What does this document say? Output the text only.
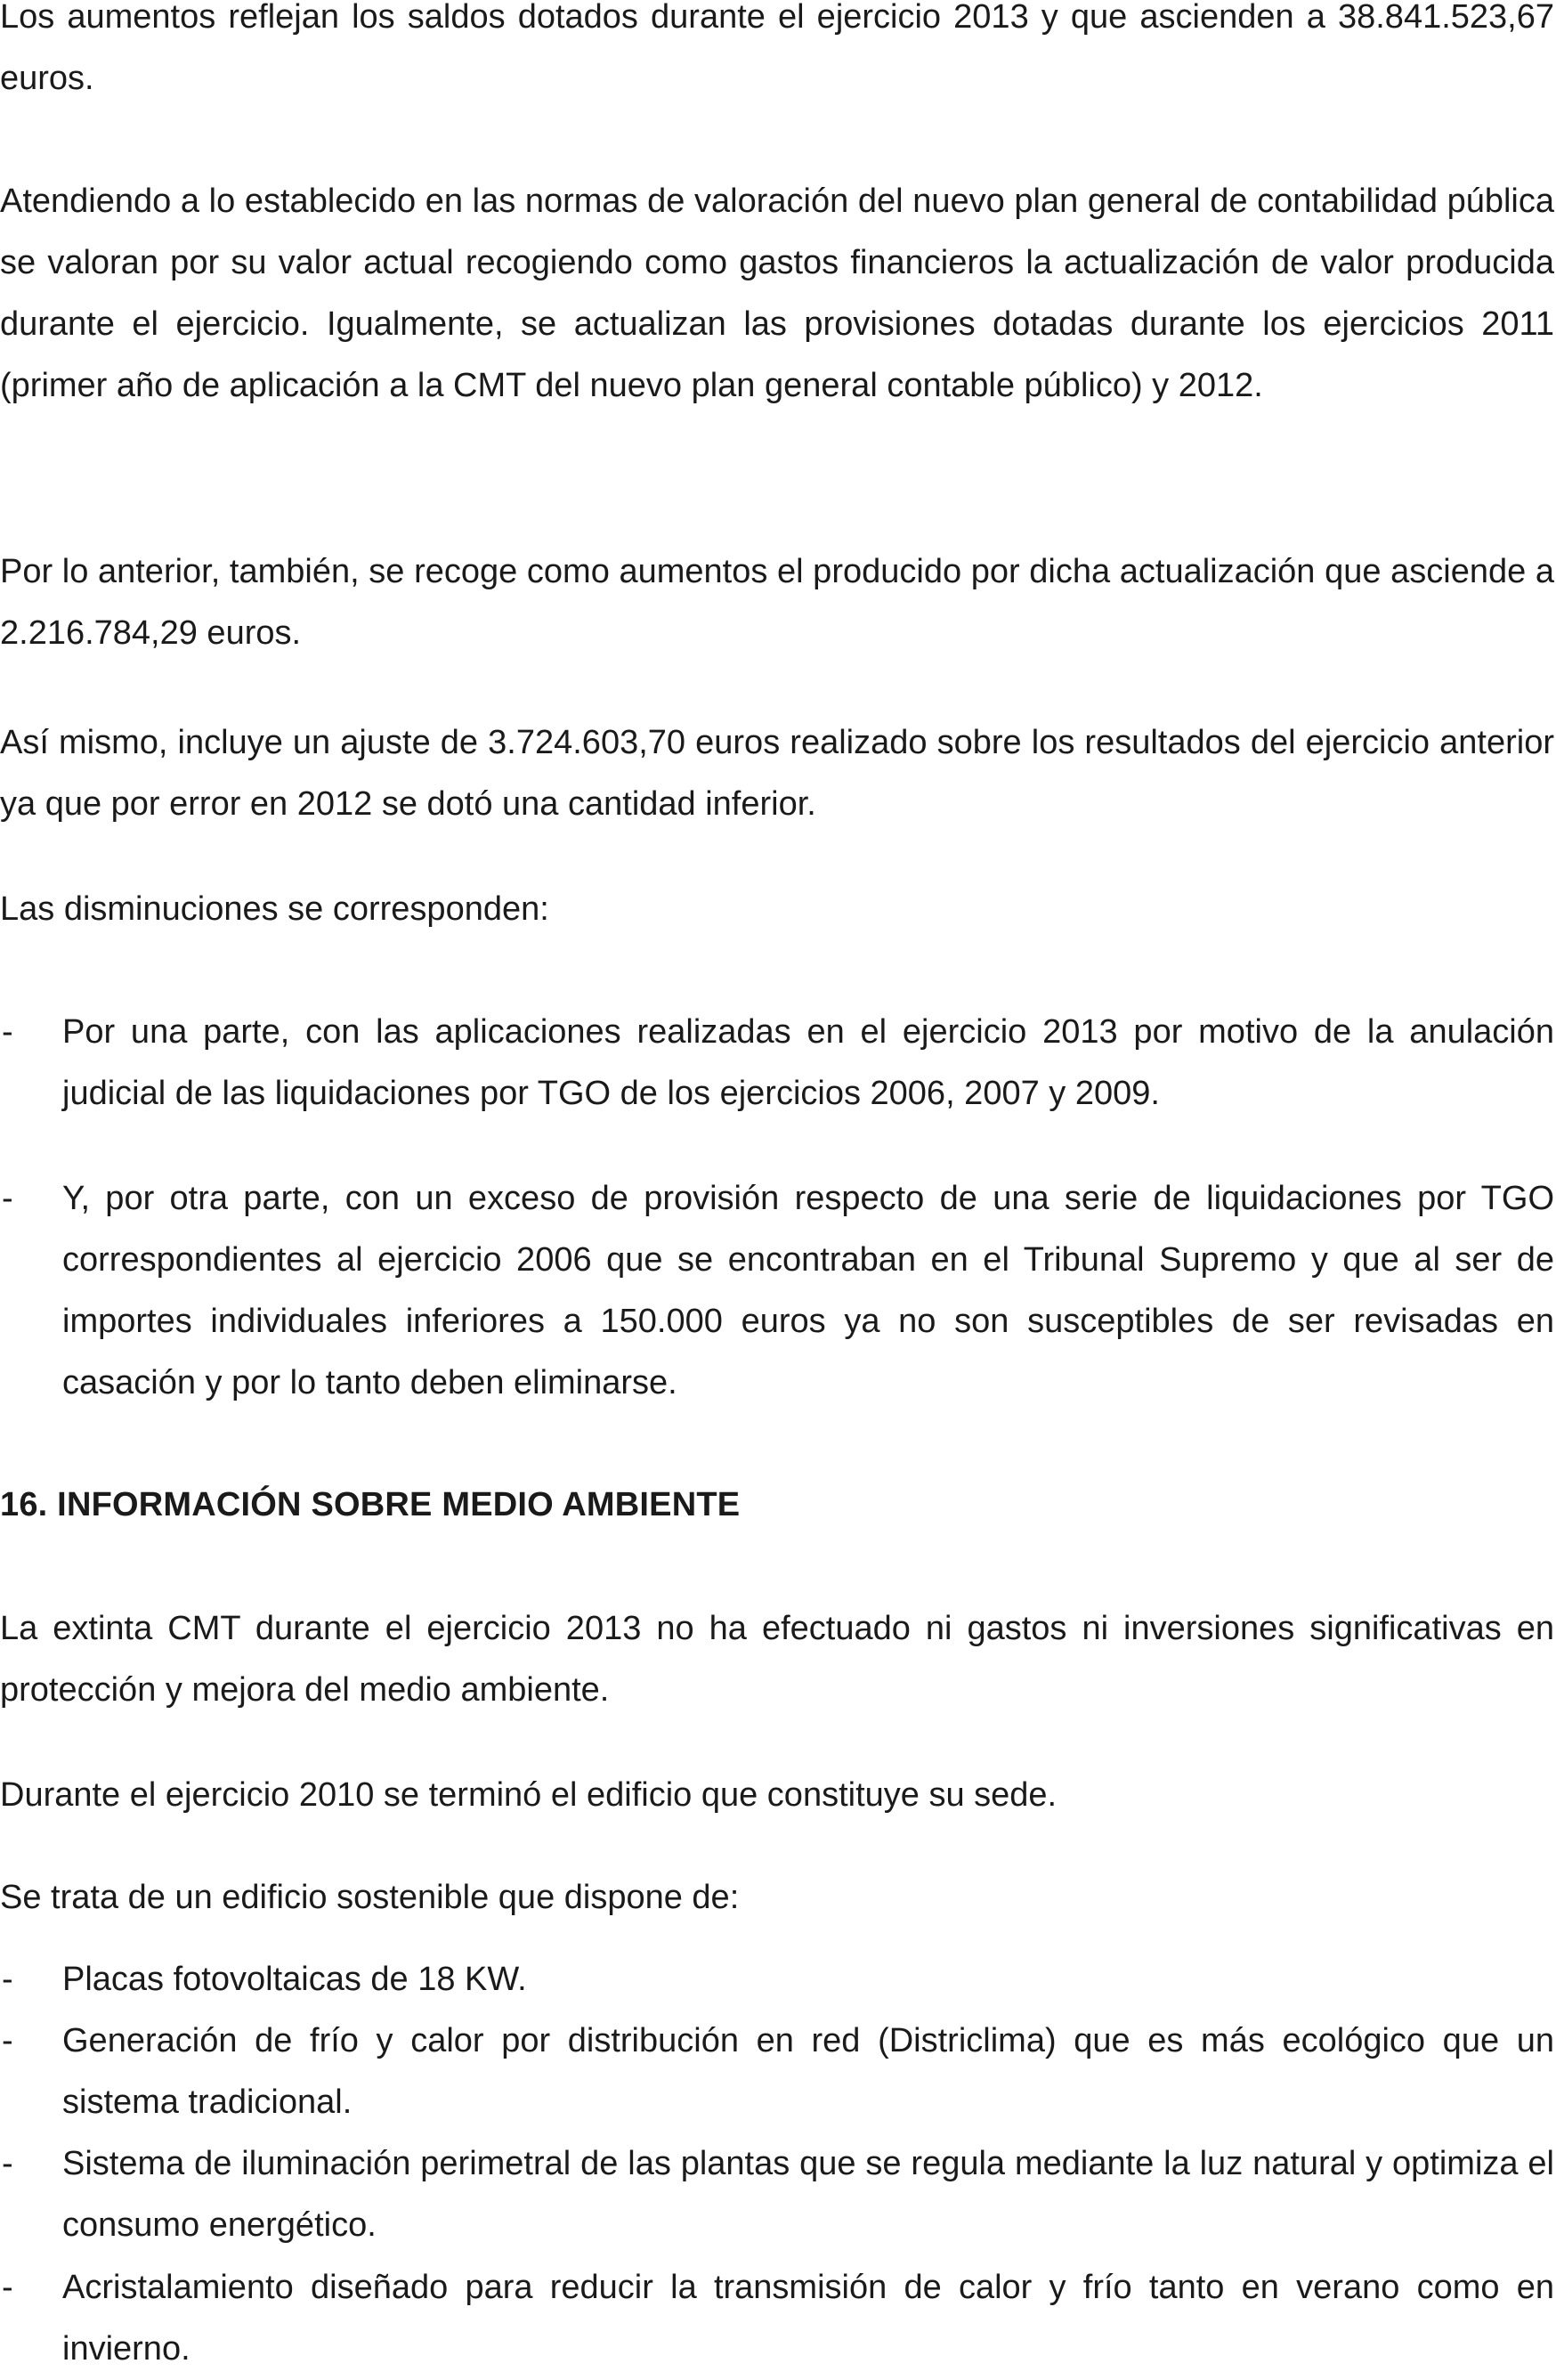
Los aumentos reflejan los saldos dotados durante el ejercicio 2013 y que ascienden a 38.841.523,67 euros.

Atendiendo a lo establecido en las normas de valoración del nuevo plan general de contabilidad pública se valoran por su valor actual recogiendo como gastos financieros la actualización de valor producida durante el ejercicio. Igualmente, se actualizan las provisiones dotadas durante los ejercicios 2011 (primer año de aplicación a la CMT del nuevo plan general contable público) y 2012.

Por lo anterior, también, se recoge como aumentos el producido por dicha actualización que asciende a 2.216.784,29 euros.

Así mismo, incluye un ajuste de 3.724.603,70 euros realizado sobre los resultados del ejercicio anterior ya que por error en 2012 se dotó una cantidad inferior.

Las disminuciones se corresponden:

- Por una parte, con las aplicaciones realizadas en el ejercicio 2013 por motivo de la anulación judicial de las liquidaciones por TGO de los ejercicios 2006, 2007 y 2009.
- Y, por otra parte, con un exceso de provisión respecto de una serie de liquidaciones por TGO correspondientes al ejercicio 2006 que se encontraban en el Tribunal Supremo y que al ser de importes individuales inferiores a 150.000 euros ya no son susceptibles de ser revisadas en casación y por lo tanto deben eliminarse.
16. INFORMACIÓN SOBRE MEDIO AMBIENTE

La extinta CMT durante el ejercicio 2013 no ha efectuado ni gastos ni inversiones significativas en protección y mejora del medio ambiente.

Durante el ejercicio 2010 se terminó el edificio que constituye su sede.

Se trata de un edificio sostenible que dispone de:

- Placas fotovoltaicas de 18 KW.
- Generación de frío y calor por distribución en red (Districlima) que es más ecológico que un sistema tradicional.
- Sistema de iluminación perimetral de las plantas que se regula mediante la luz natural y optimiza el consumo energético.
- Acristalamiento diseñado para reducir la transmisión de calor y frío tanto en verano como en invierno.
